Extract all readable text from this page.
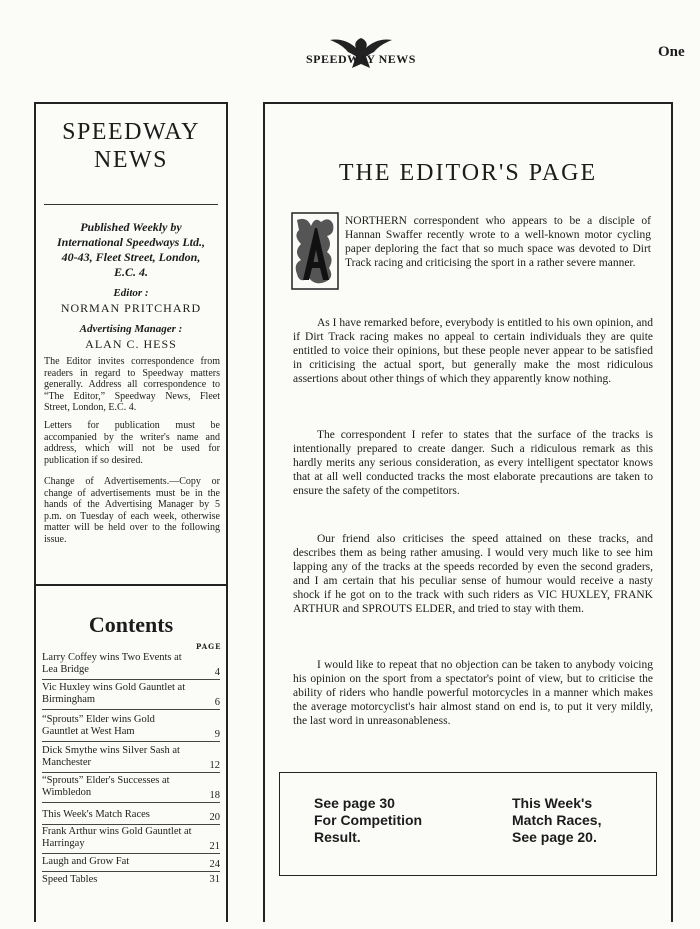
SPEEDWAY NEWS	One
SPEEDWAY
NEWS
Published Weekly by
International Speedways Ltd.,
40-43, Fleet Street, London,
E.C. 4.
Editor :
NORMAN PRITCHARD
Advertising Manager :
ALAN C. HESS
The Editor invites correspondence from readers in regard to Speedway matters generally. Address all correspondence to “The Editor,” Speedway News, Fleet Street, London, E.C. 4.
Letters for publication must be accompanied by the writer's name and address, which will not be used for publication if so desired.
Change of Advertisements.—Copy or change of advertisements must be in the hands of the Advertising Manager by 5 p.m. on Tuesday of each week, otherwise matter will be held over to the following issue.
Contents
PAGE
Larry Coffey wins Two Events at Lea Bridge	4
Vic Huxley wins Gold Gauntlet at Birmingham	6
“Sprouts” Elder wins Gold Gauntlet at West Ham	9
Dick Smythe wins Silver Sash at Manchester	12
“Sprouts” Elder's Successes at Wimbledon	18
This Week's Match Races	20
Frank Arthur wins Gold Gauntlet at Harringay	21
Laugh and Grow Fat	24
Speed Tables	31
THE EDITOR'S PAGE
NORTHERN correspondent who appears to be a disciple of Hannan Swaffer recently wrote to a well-known motor cycling paper deploring the fact that so much space was devoted to Dirt Track racing and criticising the sport in a rather severe manner.
As I have remarked before, everybody is entitled to his own opinion, and if Dirt Track racing makes no appeal to certain individuals they are quite entitled to voice their opinions, but these people never appear to be satisfied in criticising the actual sport, but generally make the most ridiculous assertions about other things of which they apparently know nothing.
The correspondent I refer to states that the surface of the tracks is intentionally prepared to create danger. Such a ridiculous remark as this hardly merits any serious consideration, as every intelligent spectator knows that at all well conducted tracks the most elaborate precautions are taken to ensure the safety of the competitors.
Our friend also criticises the speed attained on these tracks, and describes them as being rather amusing. I would very much like to see him lapping any of the tracks at the speeds recorded by even the second graders, and I am certain that his peculiar sense of humour would receive a nasty shock if he got on to the track with such riders as VIC HUXLEY, FRANK ARTHUR and SPROUTS ELDER, and tried to stay with them.
I would like to repeat that no objection can be taken to anybody voicing his opinion on the sport from a spectator's point of view, but to criticise the ability of riders who handle powerful motorcycles in a manner which makes the average motorcyclist's hair almost stand on end is, to put it very mildly, the last word in unreasonableness.
See page 30
For Competition
Result.
This Week's
Match Races,
See page 20.
